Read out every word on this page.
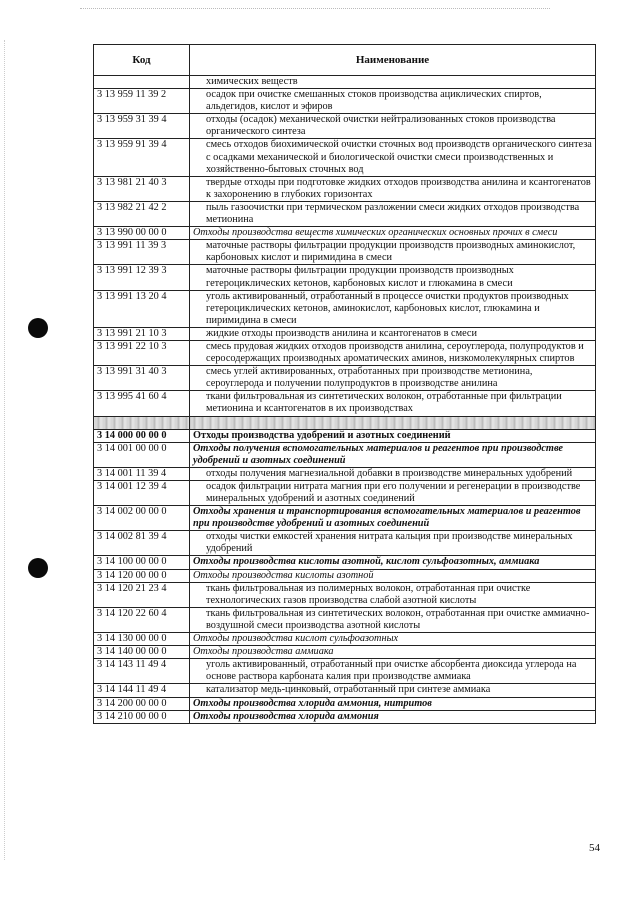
Код	Наименование
	химических веществ
3 13 959 11 39 2	осадок при очистке смешанных стоков производства ациклических спиртов, альдегидов, кислот и эфиров
3 13 959 31 39 4	отходы (осадок) механической очистки нейтрализованных стоков производства органического синтеза
3 13 959 91 39 4	смесь отходов биохимической очистки сточных вод производств органического синтеза с осадками механической и биологической очистки смеси производственных и хозяйственно-бытовых сточных вод
3 13 981 21 40 3	твердые отходы при подготовке жидких отходов производства анилина и ксантогенатов к захоронению в глубоких горизонтах
3 13 982 21 42 2	пыль газоочистки при термическом разложении смеси жидких отходов производства метионина
3 13 990 00 00 0	Отходы производства веществ химических органических основных прочих в смеси
3 13 991 11 39 3	маточные растворы фильтрации продукции производств производных аминокислот, карбоновых кислот и пиримидина в смеси
3 13 991 12 39 3	маточные растворы фильтрации продукции производств производных гетероциклических кетонов, карбоновых кислот и глюкамина в смеси
3 13 991 13 20 4	уголь активированный, отработанный в процессе очистки продуктов производных гетероциклических кетонов, аминокислот, карбоновых кислот, глюкамина и пиримидина в смеси
3 13 991 21 10 3	жидкие отходы производств анилина и ксантогенатов в смеси
3 13 991 22 10 3	смесь прудовая жидких отходов производств анилина, сероуглерода, полупродуктов и серосодержащих производных ароматических аминов, низкомолекулярных спиртов
3 13 991 31 40 3	смесь углей активированных, отработанных при производстве метионина, сероуглерода и получении полупродуктов в производстве анилина
3 13 995 41 60 4	ткани фильтровальная из синтетических волокон, отработанные при фильтрации метионина и ксантогенатов в их производствах

3 14 000 00 00 0	Отходы производства удобрений и азотных соединений
3 14 001 00 00 0	Отходы получения вспомогательных материалов и реагентов при производстве удобрений и азотных соединений
3 14 001 11 39 4	отходы получения магнезиальной добавки в производстве минеральных удобрений
3 14 001 12 39 4	осадок фильтрации нитрата магния при его получении и регенерации в производстве минеральных удобрений и азотных соединений
3 14 002 00 00 0	Отходы хранения и транспортирования вспомогательных материалов и реагентов при производстве удобрений и азотных соединений
3 14 002 81 39 4	отходы чистки емкостей хранения нитрата кальция при производстве минеральных удобрений
3 14 100 00 00 0	Отходы производства кислоты азотной, кислот сульфоазотных, аммиака
3 14 120 00 00 0	Отходы производства кислоты азотной
3 14 120 21 23 4	ткань фильтровальная из полимерных волокон, отработанная при очистке технологических газов производства слабой азотной кислоты
3 14 120 22 60 4	ткань фильтровальная из синтетических волокон, отработанная при очистке аммиачно-воздушной смеси производства азотной кислоты
3 14 130 00 00 0	Отходы производства кислот сульфоазотных
3 14 140 00 00 0	Отходы производства аммиака
3 14 143 11 49 4	уголь активированный, отработанный при очистке абсорбента диоксида углерода на основе раствора карбоната калия при производстве аммиака
3 14 144 11 49 4	катализатор медь-цинковый, отработанный при синтезе аммиака
3 14 200 00 00 0	Отходы производства хлорида аммония, нитритов
3 14 210 00 00 0	Отходы производства хлорида аммония
54
